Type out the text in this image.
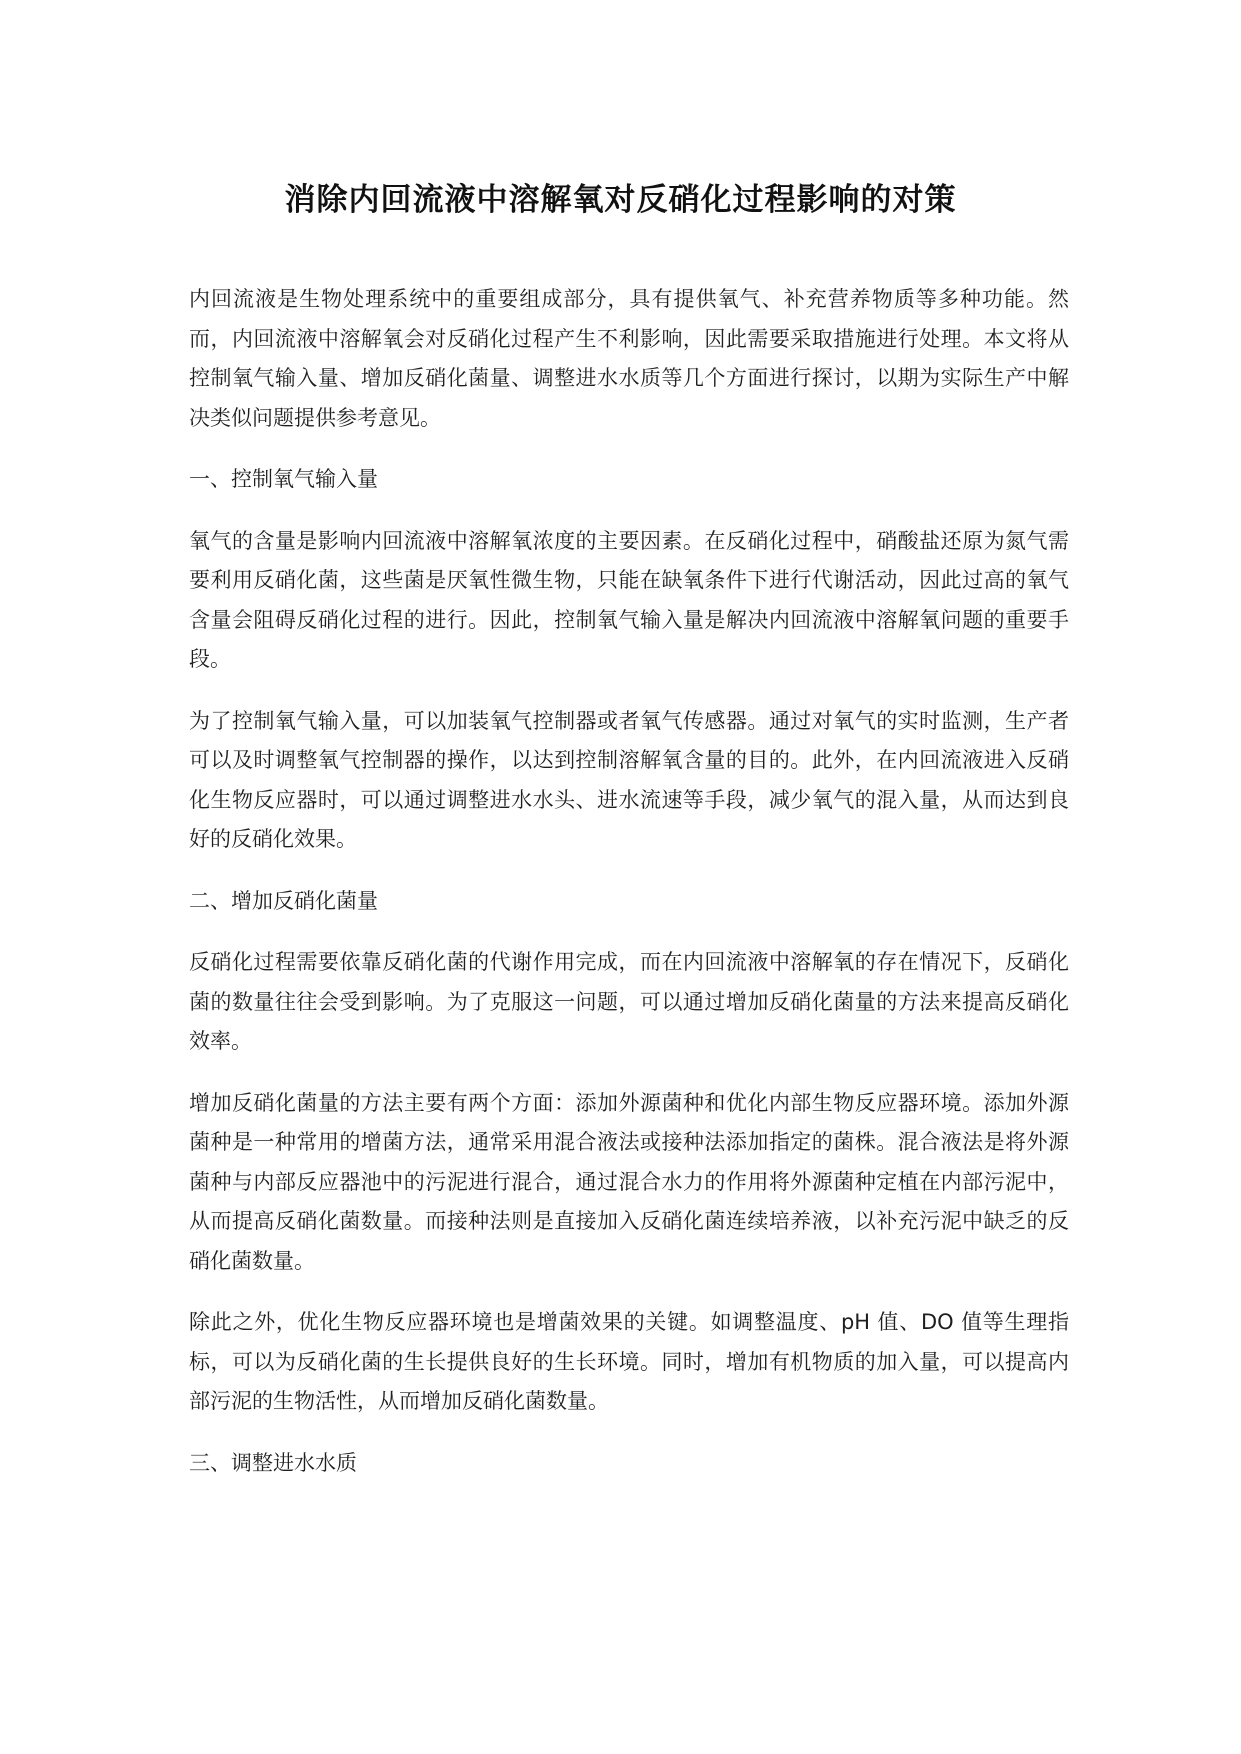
消除内回流液中溶解氧对反硝化过程影响的对策

内回流液是生物处理系统中的重要组成部分，具有提供氧气、补充营养物质等多种功能。然而，内回流液中溶解氧会对反硝化过程产生不利影响，因此需要采取措施进行处理。本文将从控制氧气输入量、增加反硝化菌量、调整进水水质等几个方面进行探讨，以期为实际生产中解决类似问题提供参考意见。

一、控制氧气输入量

氧气的含量是影响内回流液中溶解氧浓度的主要因素。在反硝化过程中，硝酸盐还原为氮气需要利用反硝化菌，这些菌是厌氧性微生物，只能在缺氧条件下进行代谢活动，因此过高的氧气含量会阻碍反硝化过程的进行。因此，控制氧气输入量是解决内回流液中溶解氧问题的重要手段。

为了控制氧气输入量，可以加装氧气控制器或者氧气传感器。通过对氧气的实时监测，生产者可以及时调整氧气控制器的操作，以达到控制溶解氧含量的目的。此外，在内回流液进入反硝化生物反应器时，可以通过调整进水水头、进水流速等手段，减少氧气的混入量，从而达到良好的反硝化效果。

二、增加反硝化菌量

反硝化过程需要依靠反硝化菌的代谢作用完成，而在内回流液中溶解氧的存在情况下，反硝化菌的数量往往会受到影响。为了克服这一问题，可以通过增加反硝化菌量的方法来提高反硝化效率。

增加反硝化菌量的方法主要有两个方面：添加外源菌种和优化内部生物反应器环境。添加外源菌种是一种常用的增菌方法，通常采用混合液法或接种法添加指定的菌株。混合液法是将外源菌种与内部反应器池中的污泥进行混合，通过混合水力的作用将外源菌种定植在内部污泥中，从而提高反硝化菌数量。而接种法则是直接加入反硝化菌连续培养液，以补充污泥中缺乏的反硝化菌数量。

除此之外，优化生物反应器环境也是增菌效果的关键。如调整温度、pH 值、DO 值等生理指标，可以为反硝化菌的生长提供良好的生长环境。同时，增加有机物质的加入量，可以提高内部污泥的生物活性，从而增加反硝化菌数量。

三、调整进水水质
